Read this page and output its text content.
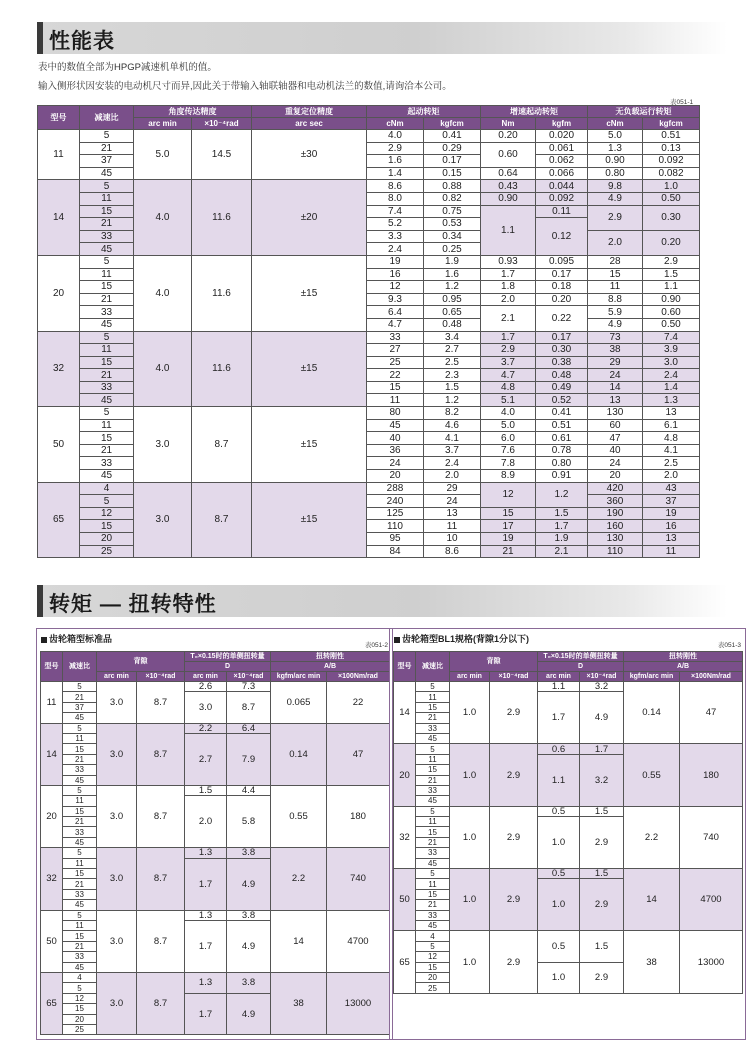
性能表
表中的数值全部为HPGP减速机单机的值。
输入侧形状因安装的电动机尺寸而异,因此关于带输入轴联轴器和电动机法兰的数值,请询洽本公司。
表051-1
型号	减速比	角度传达精度		重复定位精度	起动转矩		增速起动转矩		无负载运行转矩	
		arc min	×10⁻⁴rad	arc sec	cNm	kgfcm	Nm	kgfm	cNm	kgfcm
11	5	5.0	14.5	±30	4.0	0.41	0.20	0.020	5.0	0.51
	21				2.9	0.29	0.60	0.061	1.3	0.13
	37				1.6	0.17		0.062	0.90	0.092
	45				1.4	0.15	0.64	0.066	0.80	0.082
14	5	4.0	11.6	±20	8.6	0.88	0.43	0.044	9.8	1.0
	11				8.0	0.82	0.90	0.092	4.9	0.50
	15				7.4	0.75	1.1	0.11	2.9	0.30
	21				5.2	0.53		0.12		
	33				3.3	0.34			2.0	0.20
	45				2.4	0.25				
20	5	4.0	11.6	±15	19	1.9	0.93	0.095	28	2.9
	11				16	1.6	1.7	0.17	15	1.5
	15				12	1.2	1.8	0.18	11	1.1
	21				9.3	0.95	2.0	0.20	8.8	0.90
	33				6.4	0.65	2.1	0.22	5.9	0.60
	45				4.7	0.48			4.9	0.50
32	5	4.0	11.6	±15	33	3.4	1.7	0.17	73	7.4
	11				27	2.7	2.9	0.30	38	3.9
	15				25	2.5	3.7	0.38	29	3.0
	21				22	2.3	4.7	0.48	24	2.4
	33				15	1.5	4.8	0.49	14	1.4
	45				11	1.2	5.1	0.52	13	1.3
50	5	3.0	8.7	±15	80	8.2	4.0	0.41	130	13
	11				45	4.6	5.0	0.51	60	6.1
	15				40	4.1	6.0	0.61	47	4.8
	21				36	3.7	7.6	0.78	40	4.1
	33				24	2.4	7.8	0.80	24	2.5
	45				20	2.0	8.9	0.91	20	2.0
65	4	3.0	8.7	±15	288	29	12	1.2	420	43
	5				240	24			360	37
	12				125	13	15	1.5	190	19
	15				110	11	17	1.7	160	16
	20				95	10	19	1.9	130	13
	25				84	8.6	21	2.1	110	11
转矩 — 扭转特性
齿轮箱型标准品
表051-2
型号	减速比	背隙		T₀×0.15时的单侧扭转量		扭转刚性	
				D		A/B	
		arc min	×10⁻⁴rad	arc min	×10⁻⁴rad	kgfm/arc min	×100Nm/rad
11	5	3.0	8.7	2.6	7.3	0.065	22
	21			3.0	8.7		
	37						
	45						
14	5	3.0	8.7	2.2	6.4	0.14	47
	11			2.7	7.9		
	15						
	21						
	33						
	45						
20	5	3.0	8.7	1.5	4.4	0.55	180
	11			2.0	5.8		
	15						
	21						
	33						
	45						
32	5	3.0	8.7	1.3	3.8	2.2	740
	11			1.7	4.9		
	15						
	21						
	33						
	45						
50	5	3.0	8.7	1.3	3.8	14	4700
	11			1.7	4.9		
	15						
	21						
	33						
	45						
65	4	3.0	8.7	1.3	3.8	38	13000
	5						
	12			1.7	4.9		
	15						
	20						
	25						
齿轮箱型BL1规格(背隙1分以下)
表051-3
型号	减速比	背隙		T₀×0.15时的单侧扭转量		扭转刚性	
				D		A/B	
		arc min	×10⁻⁴rad	arc min	×10⁻⁴rad	kgfm/arc min	×100Nm/rad
14	5	1.0	2.9	1.1	3.2	0.14	47
	11			1.7	4.9		
	15						
	21						
	33						
	45						
20	5	1.0	2.9	0.6	1.7	0.55	180
	11			1.1	3.2		
	15						
	21						
	33						
	45						
32	5	1.0	2.9	0.5	1.5	2.2	740
	11			1.0	2.9		
	15						
	21						
	33						
	45						
50	5	1.0	2.9	0.5	1.5	14	4700
	11			1.0	2.9		
	15						
	21						
	33						
	45						
65	4	1.0	2.9	0.5	1.5	38	13000
	5						
	12						
	15			1.0	2.9		
	20						
	25						
